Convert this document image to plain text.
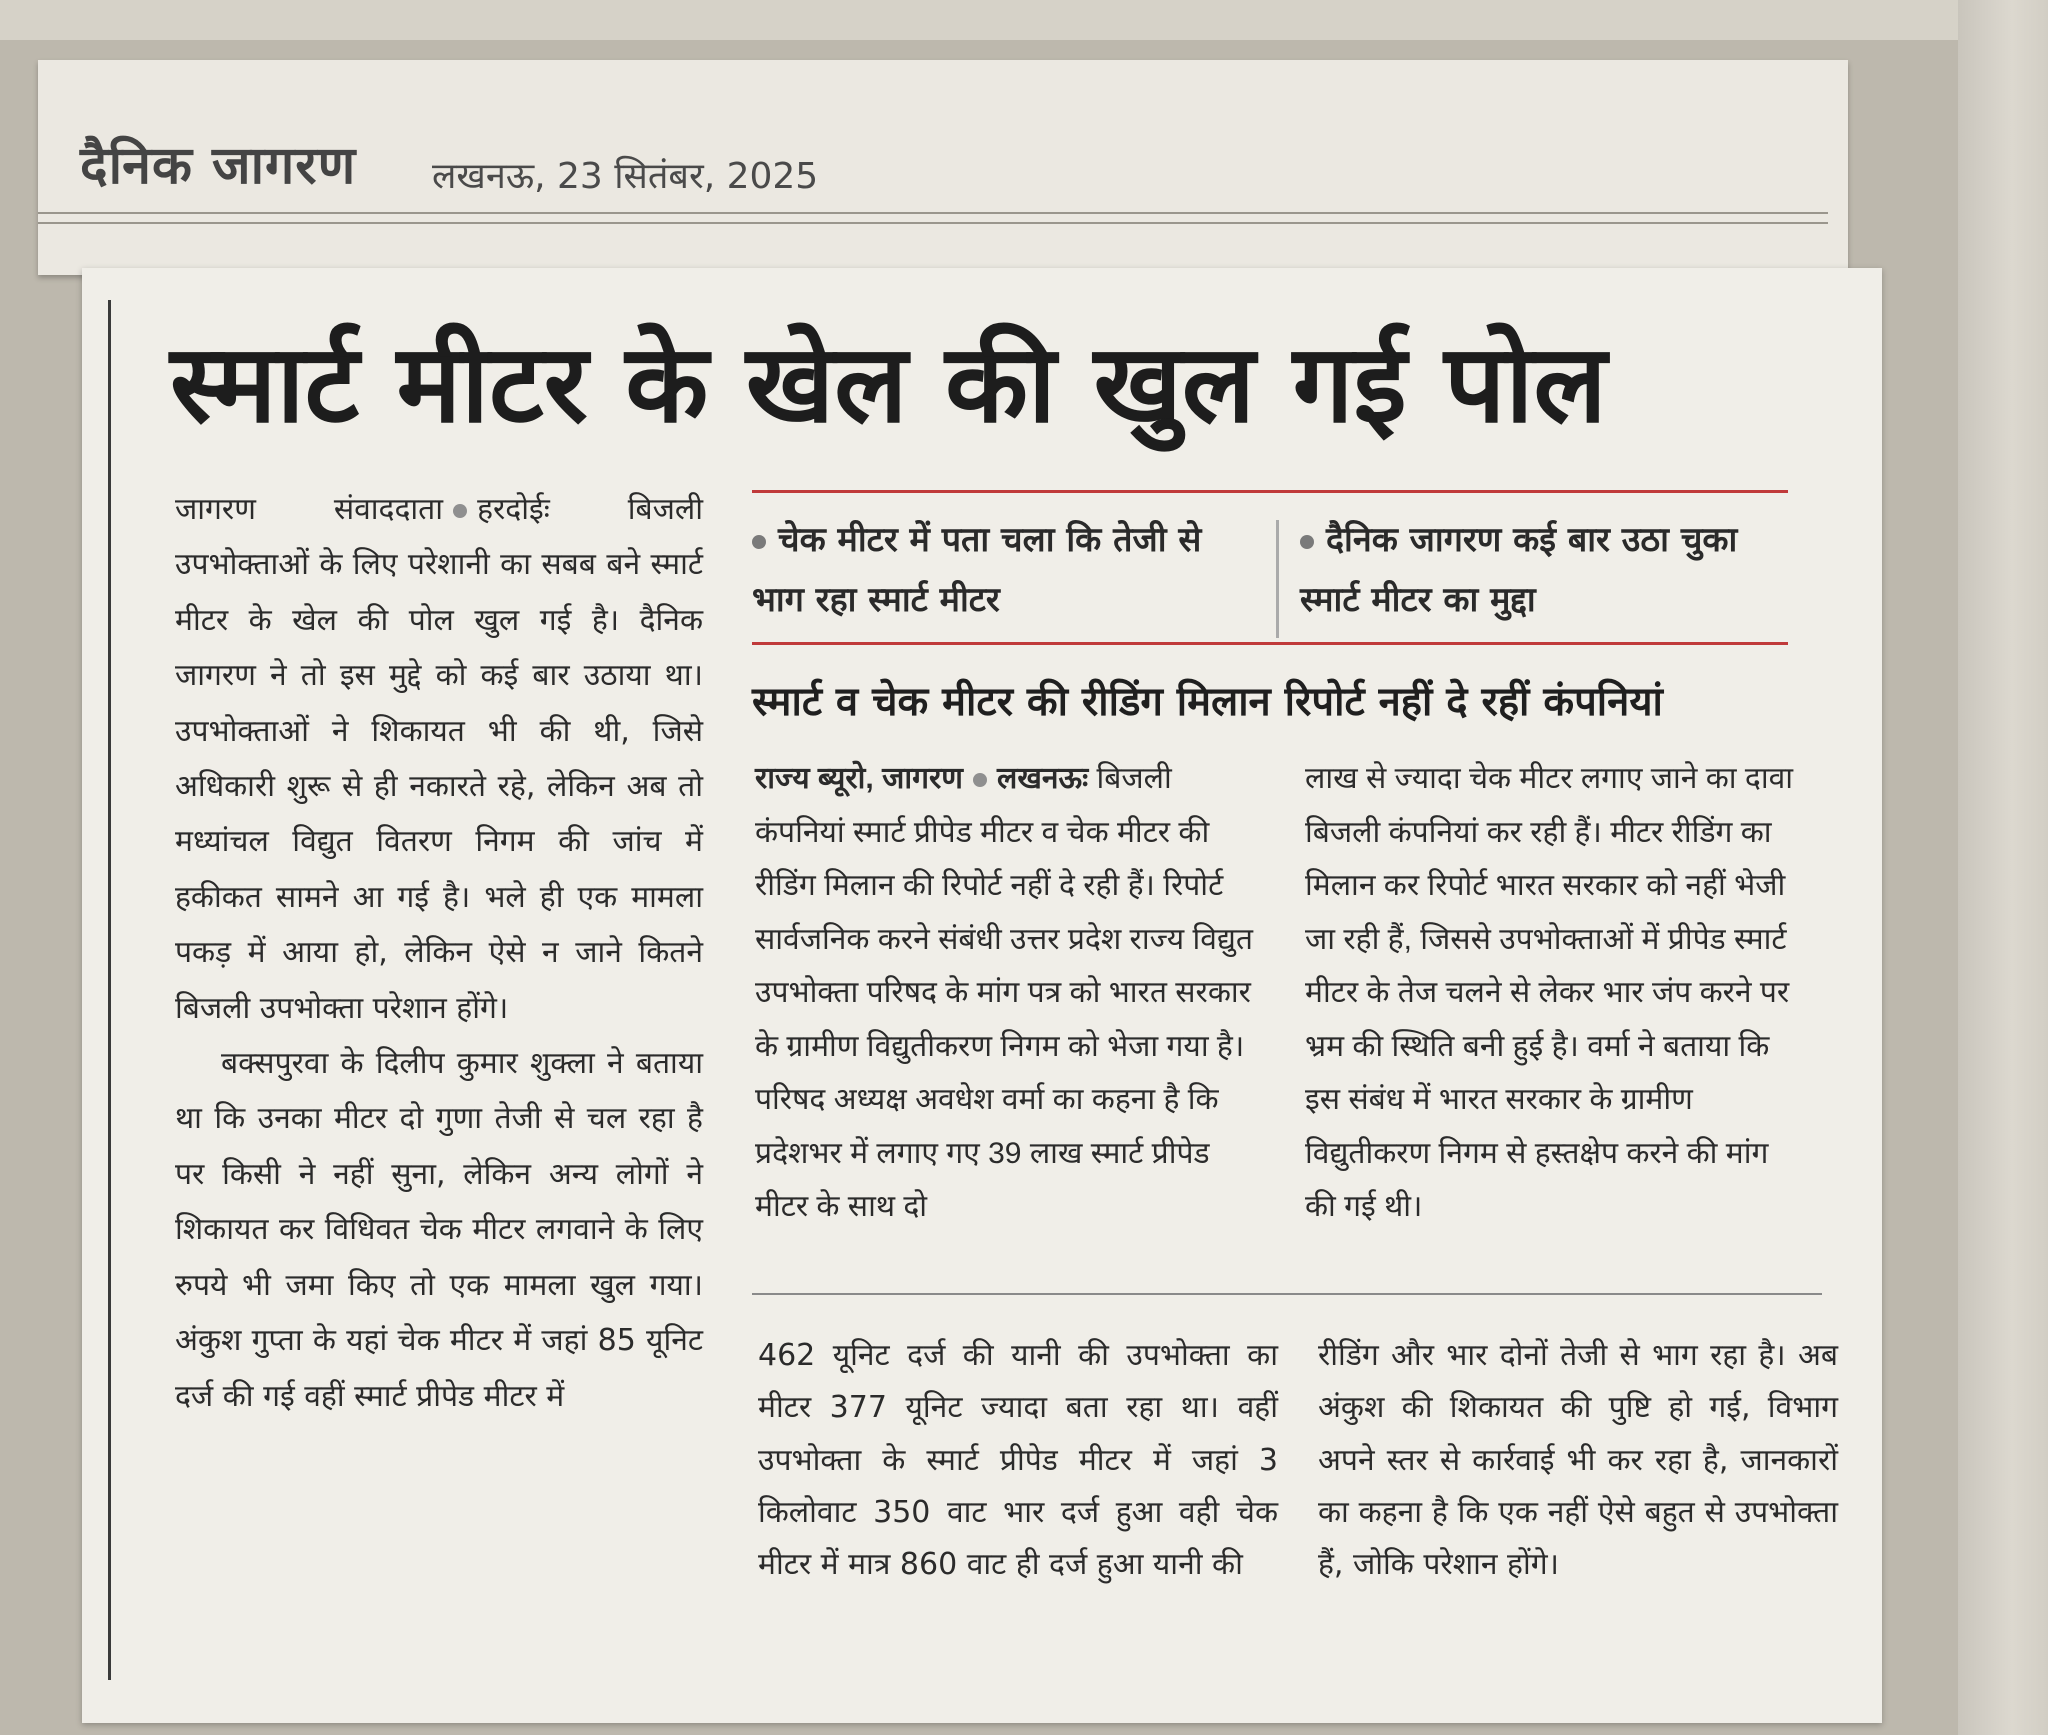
दैनिक जागरण लखनऊ, 23 सितंबर, 2025
स्मार्ट मीटर के खेल की खुल गई पोल

जागरण संवाददाता हरदोईः	बिजली उपभोक्ताओं के लिए परेशानी का सबब बने स्मार्ट मीटर के खेल की पोल खुल गई है। दैनिक जागरण ने तो इस मुद्दे को कई बार उठाया था। उपभोक्ताओं ने शिकायत भी की थी, जिसे अधिकारी शुरू से ही नकारते रहे, लेकिन अब तो मध्यांचल विद्युत वितरण निगम की जांच में हकीकत सामने आ गई है। भले ही एक मामला पकड़ में आया हो, लेकिन ऐसे न जाने कितने बिजली उपभोक्ता परेशान होंगे।

बक्सपुरवा के दिलीप कुमार शुक्ला ने बताया था कि उनका मीटर दो गुणा तेजी से चल रहा है पर किसी ने नहीं सुना, लेकिन अन्य लोगों ने शिकायत कर विधिवत चेक मीटर लगवाने के लिए रुपये भी जमा किए तो एक मामला खुल गया। अंकुश गुप्ता के यहां चेक मीटर में जहां 85 यूनिट दर्ज की गई वहीं स्मार्ट प्रीपेड मीटर में

चेक मीटर में पता चला कि तेजी से भाग रहा स्मार्ट मीटर
दैनिक जागरण कई बार उठा चुका स्मार्ट मीटर का मुद्दा
स्मार्ट व चेक मीटर की रीडिंग मिलान रिपोर्ट नहीं दे रहीं कंपनियां

राज्य ब्यूरो, जागरण लखनऊः बिजली कंपनियां स्मार्ट प्रीपेड मीटर व चेक मीटर की रीडिंग मिलान की रिपोर्ट नहीं दे रही हैं। रिपोर्ट सार्वजनिक करने संबंधी उत्तर प्रदेश राज्य विद्युत उपभोक्ता परिषद के मांग पत्र को भारत सरकार के ग्रामीण विद्युतीकरण निगम को भेजा गया है। परिषद अध्यक्ष अवधेश वर्मा का कहना है कि प्रदेशभर में लगाए गए 39 लाख स्मार्ट प्रीपेड मीटर के साथ दो

लाख से ज्यादा चेक मीटर लगाए जाने का दावा बिजली कंपनियां कर रही हैं। मीटर रीडिंग का मिलान कर रिपोर्ट भारत सरकार को नहीं भेजी जा रही हैं, जिससे उपभोक्ताओं में प्रीपेड स्मार्ट मीटर के तेज चलने से लेकर भार जंप करने पर भ्रम की स्थिति बनी हुई है। वर्मा ने बताया कि इस संबंध में भारत सरकार के ग्रामीण विद्युतीकरण निगम से हस्तक्षेप करने की मांग की गई थी।

462 यूनिट दर्ज की यानी की उपभोक्ता का मीटर 377 यूनिट ज्यादा बता रहा था। वहीं उपभोक्ता के स्मार्ट प्रीपेड मीटर में जहां 3 किलोवाट 350 वाट भार दर्ज हुआ वही चेक मीटर में मात्र 860 वाट ही दर्ज हुआ यानी की

रीडिंग और भार दोनों तेजी से भाग रहा है। अब अंकुश की शिकायत की पुष्टि हो गई, विभाग अपने स्तर से कार्रवाई भी कर रहा है, जानकारों का कहना है कि एक नहीं ऐसे बहुत से उपभोक्ता हैं, जोकि परेशान होंगे।
